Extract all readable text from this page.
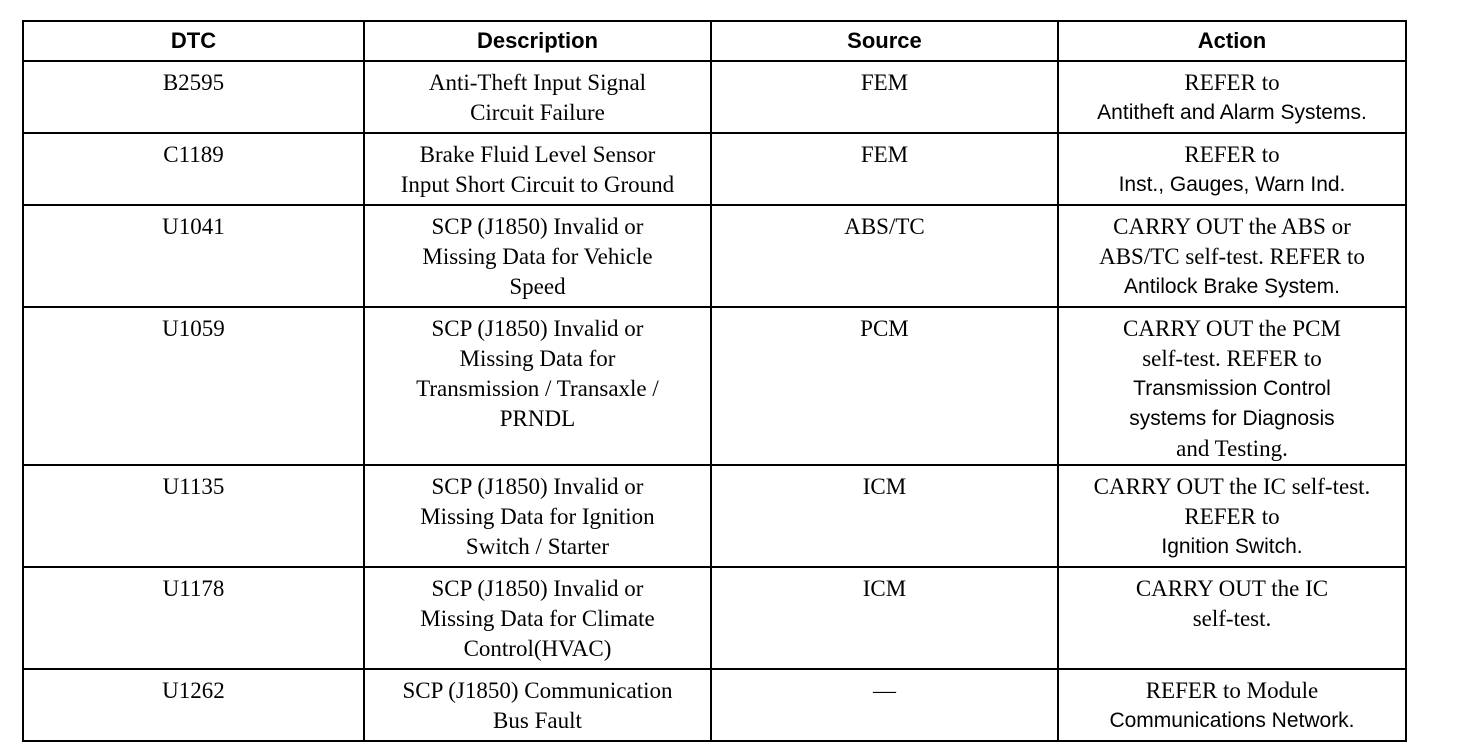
DTC	Description	Source	Action
B2595	Anti-Theft Input Signal
Circuit Failure	FEM	REFER to
Antitheft and Alarm Systems.

C1189	Brake Fluid Level Sensor
Input Short Circuit to Ground	FEM	REFER to
Inst., Gauges, Warn Ind.

U1041	SCP (J1850) Invalid or
Missing Data for Vehicle
Speed	ABS/TC	CARRY OUT the ABS or
ABS/TC self-test. REFER to
Antilock Brake System.

U1059	SCP (J1850) Invalid or
Missing Data for
Transmission / Transaxle /
PRNDL	PCM	CARRY OUT the PCM
self-test. REFER to
Transmission Control
systems for Diagnosis
and Testing.

U1135	SCP (J1850) Invalid or
Missing Data for Ignition
Switch / Starter	ICM	CARRY OUT the IC self-test.
REFER to
Ignition Switch.

U1178	SCP (J1850) Invalid or
Missing Data for Climate
Control(HVAC)	ICM	CARRY OUT the IC
self-test.

U1262	SCP (J1850) Communication
Bus Fault	—	REFER to Module
Communications Network.
